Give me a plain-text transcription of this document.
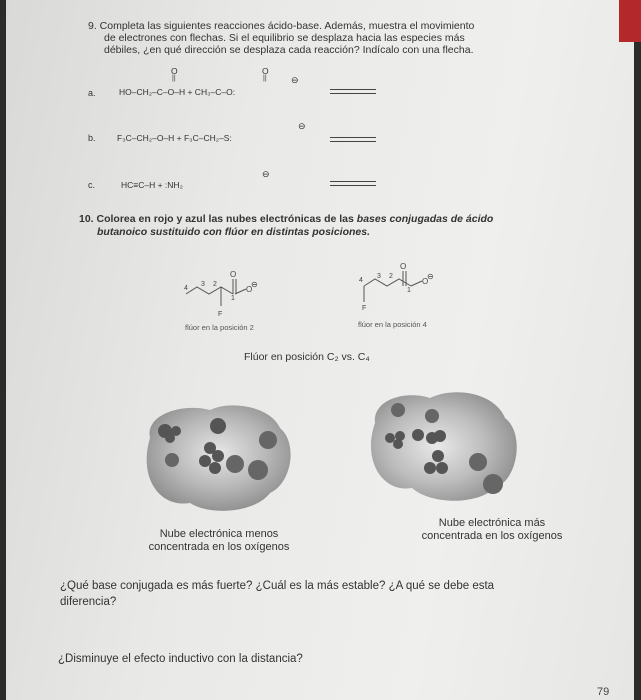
9. Completa las siguientes reacciones ácido-base. Además, muestra el movimiento
de electrones con flechas. Si el equilibrio se desplaza hacia las especies más
débiles, ¿en qué dirección se desplaza cada reacción? Indícalo con una flecha.
a.	HO–CH₂–C–O–H + CH₃–C–O:
O
||
O
||	⊖
b.	F₃C–CH₂–O–H + F₃C–CH₂–S:
⊖
c.	HC≡C–H + :NH₂
⊖
10. Colorea en rojo y azul las nubes electrónicas de las bases conjugadas de ácido
butanoico sustituido con flúor en distintas posiciones.
O
O
⊖
4
3 2
1
F
flúor en la posición 2
O
O
⊖
4
3 2
1
F
flúor en la posición 4
Flúor en posición C₂ vs. C₄
Nube electrónica menos
concentrada en los oxígenos
Nube electrónica más
concentrada en los oxígenos
¿Qué base conjugada es más fuerte? ¿Cuál es la más estable? ¿A qué se debe esta
diferencia?
¿Disminuye el efecto inductivo con la distancia?
79
